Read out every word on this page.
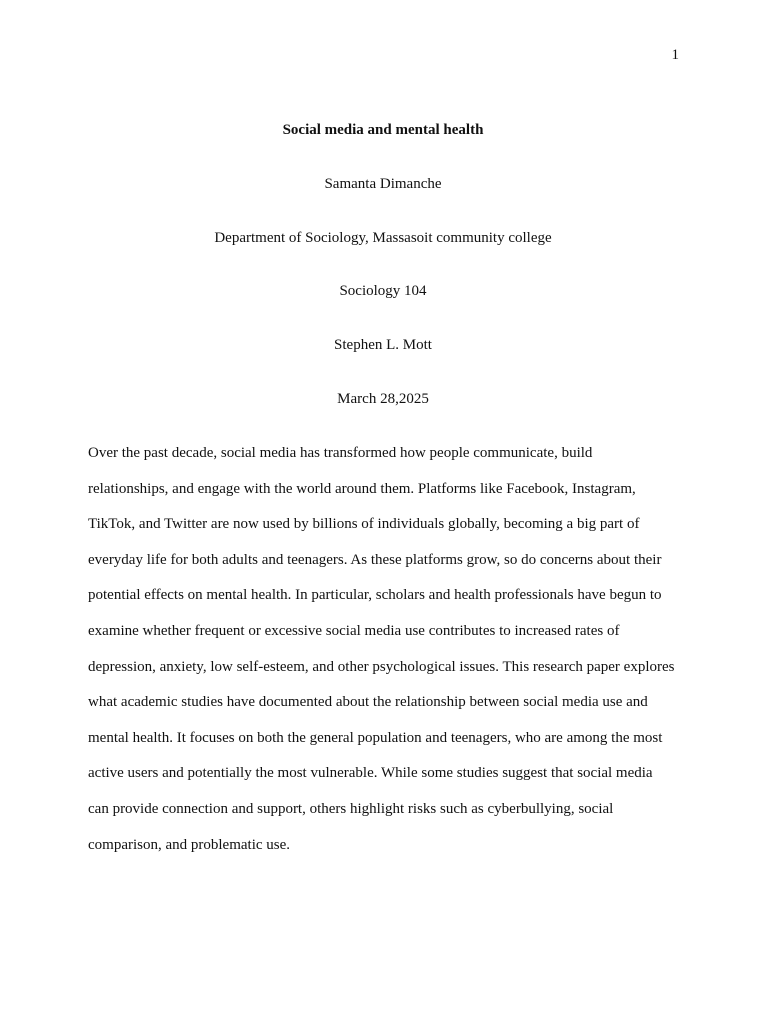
1
Social media and mental health
Samanta Dimanche
Department of Sociology, Massasoit community college
Sociology 104
Stephen L. Mott
March 28,2025
Over the past decade, social media has transformed how people communicate, build
relationships, and engage with the world around them. Platforms like Facebook, Instagram,
TikTok, and Twitter are now used by billions of individuals globally, becoming a big part of
everyday life for both adults and teenagers. As these platforms grow, so do concerns about their
potential effects on mental health. In particular, scholars and health professionals have begun to
examine whether frequent or excessive social media use contributes to increased rates of
depression, anxiety, low self-esteem, and other psychological issues. This research paper explores
what academic studies have documented about the relationship between social media use and
mental health. It focuses on both the general population and teenagers, who are among the most
active users and potentially the most vulnerable. While some studies suggest that social media
can provide connection and support, others highlight risks such as cyberbullying, social
comparison, and problematic use.
